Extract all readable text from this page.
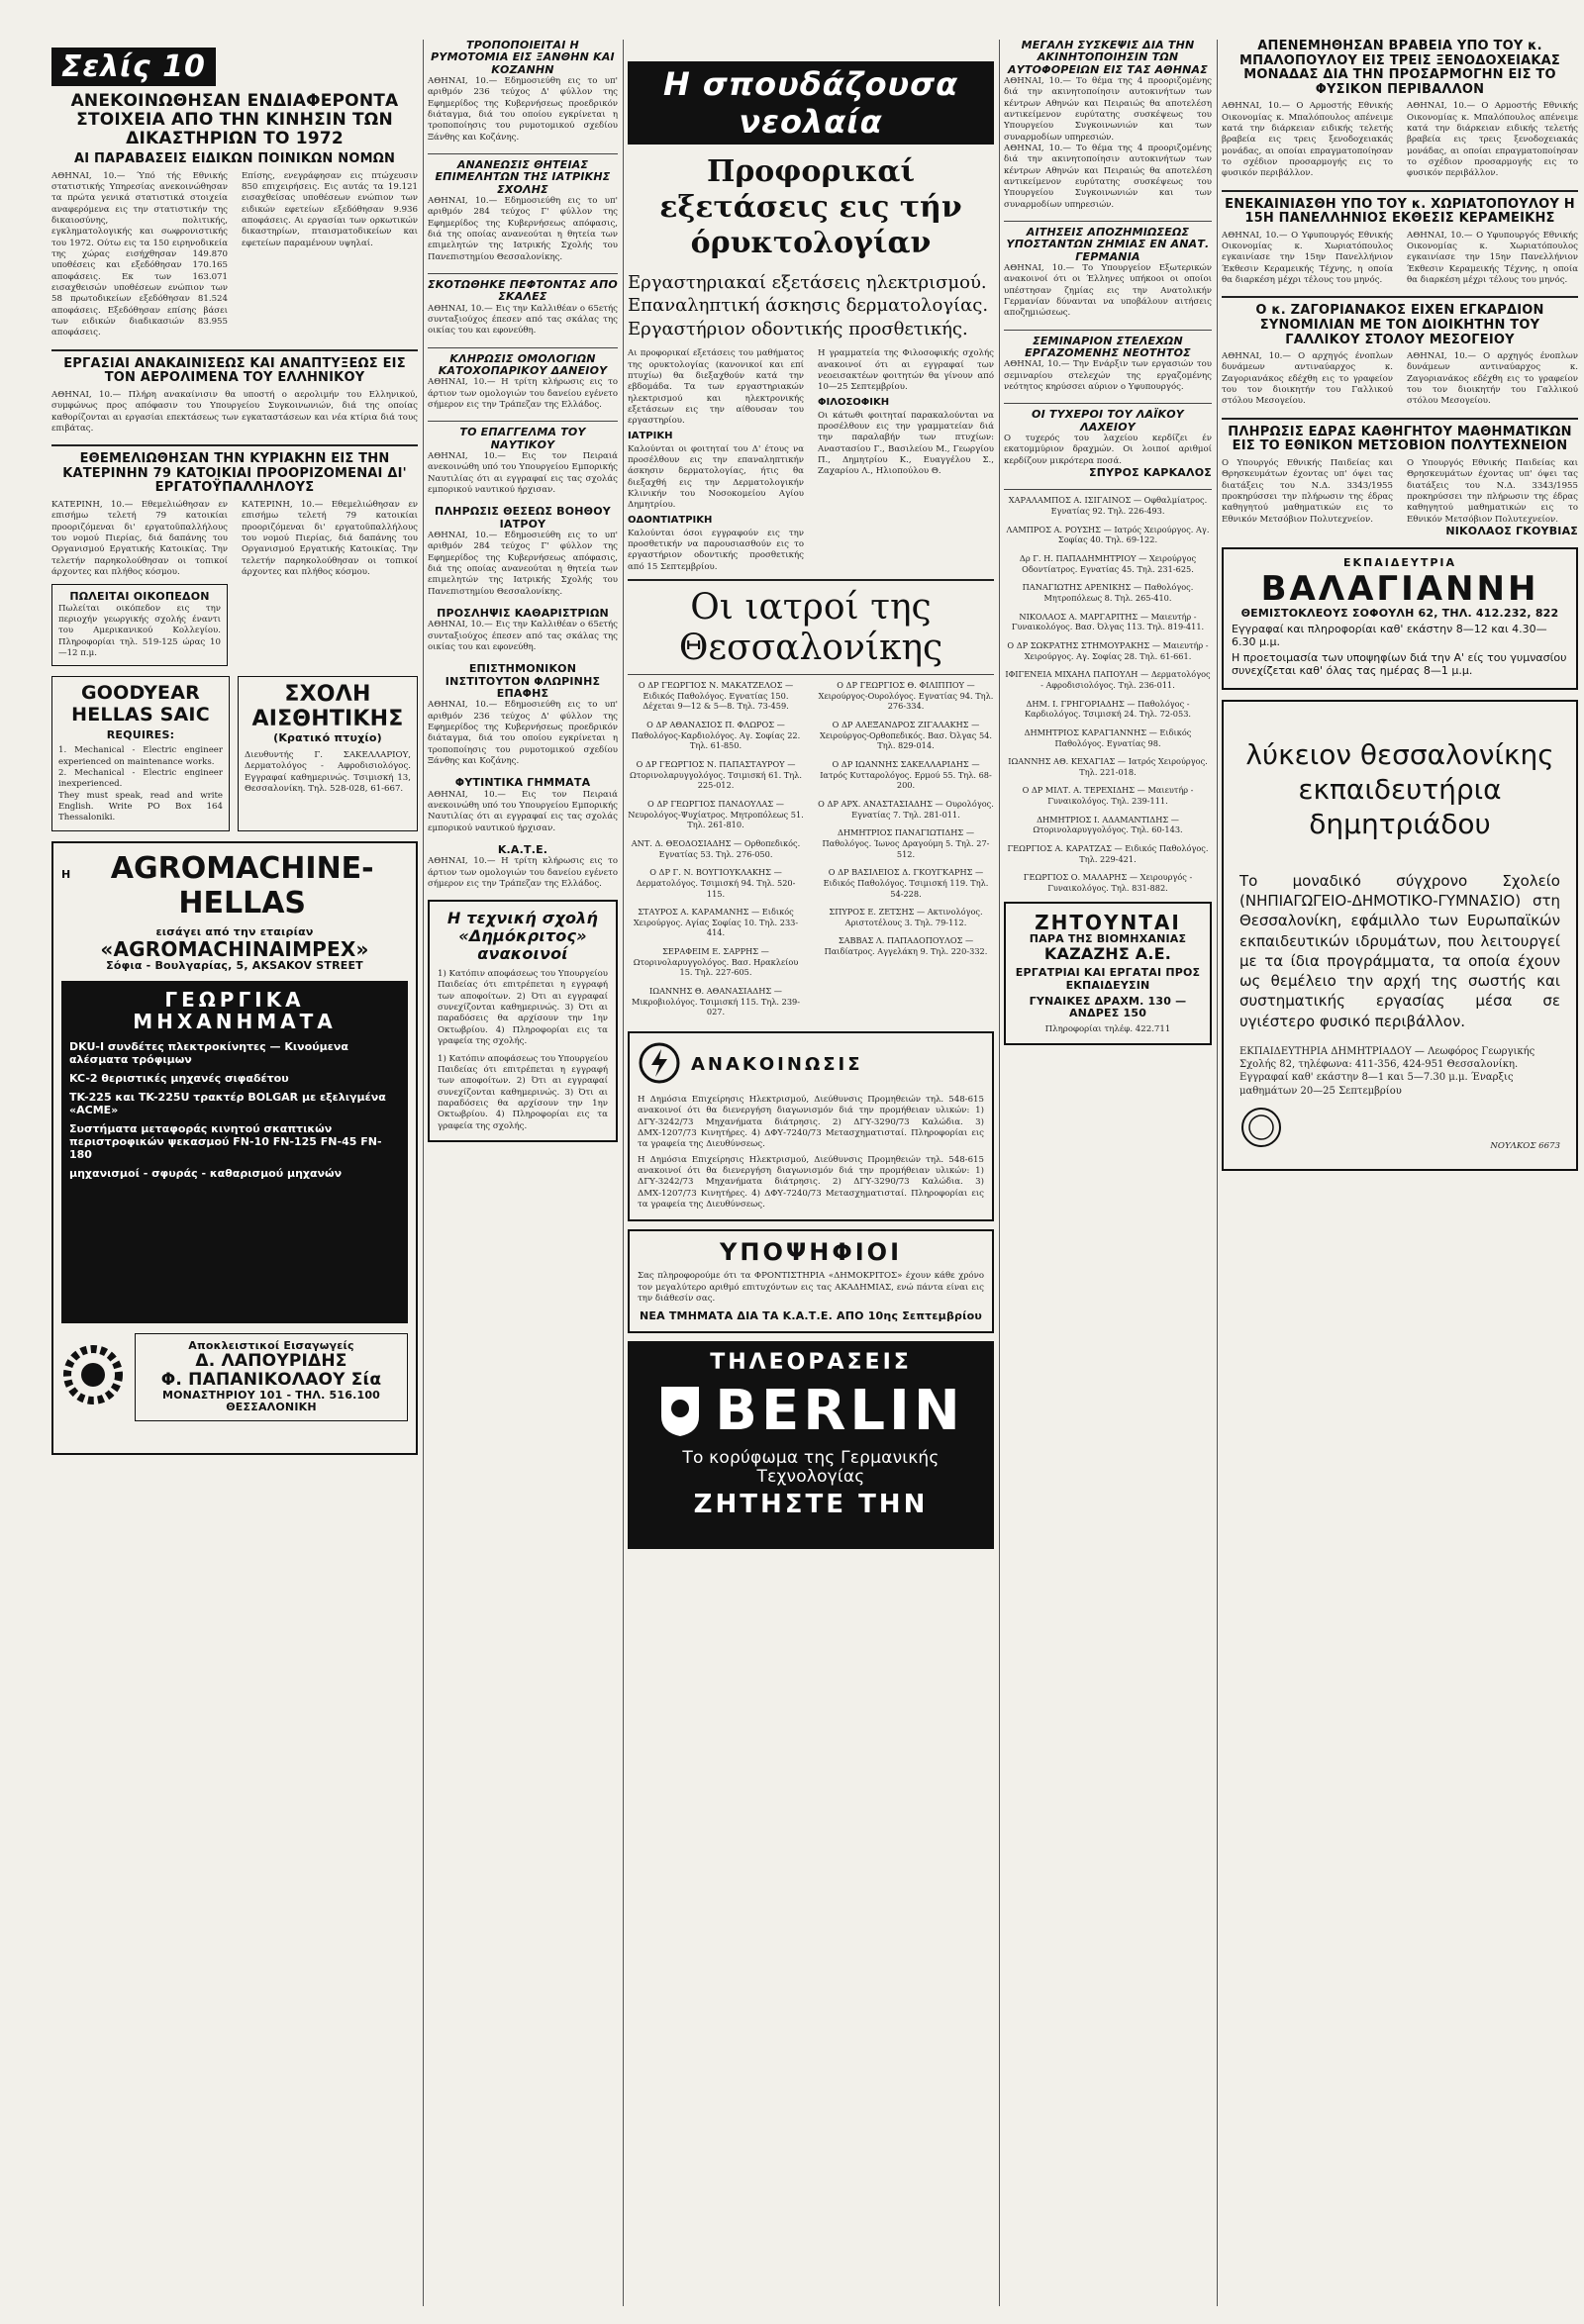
Σελίς 10
ΑΝΕΚΟΙΝΩΘΗΣΑΝ ΕΝΔΙΑΦΕΡΟΝΤΑ ΣΤΟΙΧΕΙΑ ΑΠΟ ΤΗΝ ΚΙΝΗΣΙΝ ΤΩΝ ΔΙΚΑΣΤΗΡΙΩΝ ΤΟ 1972
ΑΙ ΠΑΡΑΒΑΣΕΙΣ ΕΙΔΙΚΩΝ ΠΟΙΝΙΚΩΝ ΝΟΜΩΝ
ΑΘΗΝΑΙ, 10.— Ύπό τής Εθνικής στατιστικής Υπηρεσίας ανεκοινώθησαν τα πρώτα γενικά στατιστικά στοιχεία αναφερόμενα εις την στατιστικήν της δικαιοσύνης, πολιτικής, εγκληματολογικής και σωφρονιστικής του 1972. Ούτω εις τα 150 ειρηνοδικεία της χώρας εισήχθησαν 149.870 υποθέσεις και εξεδόθησαν 170.165 αποφάσεις. Εκ των 163.071 εισαχθεισών υποθέσεων ενώπιον των 58 πρωτοδικείων εξεδόθησαν 81.524 αποφάσεις. Εξεδόθησαν επίσης βάσει των ειδικών διαδικασιών 83.955 αποφάσεις.
Επίσης, ενεγράφησαν εις πτώχευσιν 850 επιχειρήσεις. Εις αυτάς τα 19.121 εισαχθείσας υποθέσεων ενώπιον των ειδικών εφετείων εξεδόθησαν 9.936 αποφάσεις. Αι εργασίαι των ορκωτικών δικαστηρίων, πταισματοδικείων και εφετείων παραμένουν υψηλαί.
ΕΡΓΑΣΙΑΙ ΑΝΑΚΑΙΝΙΣΕΩΣ ΚΑΙ ΑΝΑΠΤΥΞΕΩΣ ΕΙΣ ΤΟΝ ΑΕΡΟΛΙΜΕΝΑ ΤΟΥ ΕΛΛΗΝΙΚΟΥ
ΑΘΗΝΑΙ, 10.— Πλήρη ανακαίνισιν θα υποστή ο αερολιμήν του Ελληνικού, συμφώνως προς απόφασιν του Υπουργείου Συγκοινωνιών, διά της οποίας καθορίζονται αι εργασίαι επεκτάσεως των εγκαταστάσεων και νέα κτίρια διά τους επιβάτας.
ΕΘΕΜΕΛΙΩΘΗΣΑΝ ΤΗΝ ΚΥΡΙΑΚΗΝ ΕΙΣ ΤΗΝ ΚΑΤΕΡΙΝΗΝ 79 ΚΑΤΟΙΚΙΑΙ ΠΡΟΟΡΙΖΟΜΕΝΑΙ ΔΙ' ΕΡΓΑΤΟΫΠΑΛΛΗΛΟΥΣ
ΚΑΤΕΡΙΝΗ, 10.— Εθεμελιώθησαν εν επισήμω τελετή 79 κατοικίαι προοριζόμεναι δι' εργατοϋπαλλήλους του νομού Πιερίας, διά δαπάνης του Οργανισμού Εργατικής Κατοικίας. Την τελετήν παρηκολούθησαν οι τοπικοί άρχοντες και πλήθος κόσμου.
ΠΩΛΕΙΤΑΙ ΟΙΚΟΠΕΔΟΝ
Πωλείται οικόπεδον εις την περιοχήν γεωργικής σχολής έναντι του Αμερικανικού Κολλεγίου. Πληροφορίαι τηλ. 519-125 ώρας 10—12 π.μ.
ΚΑΤΕΡΙΝΗ, 10.— Εθεμελιώθησαν εν επισήμω τελετή 79 κατοικίαι προοριζόμεναι δι' εργατοϋπαλλήλους του νομού Πιερίας, διά δαπάνης του Οργανισμού Εργατικής Κατοικίας. Την τελετήν παρηκολούθησαν οι τοπικοί άρχοντες και πλήθος κόσμου.
GOODYEAR HELLAS SAIC
REQUIRES:
1. Mechanical - Electric engineer experienced on maintenance works.
2. Mechanical - Electric engineer inexperienced.
They must speak, read and write English. Write PO Box 164 Thessaloniki.
ΣΧΟΛΗ ΑΙΣΘΗΤΙΚΗΣ
(Κρατικό πτυχίο)
Διευθυντής Γ. ΣΑΚΕΛΛΑΡΙΟΥ, Δερματολόγος - Αφροδισιολόγος. Εγγραφαί καθημερινώς. Τσιμισκή 13, Θεσσαλονίκη. Τηλ. 528-028, 61-667.
Η	AGROMACHINE-HELLAS
εισάγει από την εταιρίαν
«AGROMACHINAIMPEX»
Σόφια - Βουλγαρίας, 5, AKSAKOV STREET
ΓΕΩΡΓΙΚΑ ΜΗΧΑΝΗΜΑΤΑ
DKU-I συνδέτες πλεκτροκίνητες — Κινούμενα αλέσματα τρόφιμων
KC-2 θεριστικές μηχανές σιφαδέτου
TK-225 και TK-225U τρακτέρ BOLGAR με εξελιγμένα «ACME»
Συστήματα μεταφοράς κινητού σκαπτικών περιστροφικών ψεκασμού FN-10 FN-125 FN-45 FN-180
μηχανισμοί - σφυράς - καθαρισμού μηχανών
Αποκλειστικοί Εισαγωγείς
Δ. ΛΑΠΟΥΡΙΔΗΣ
Φ. ΠΑΠΑΝΙΚΟΛΑΟΥ Σία
ΜΟΝΑΣΤΗΡΙΟΥ 101 - ΤΗΛ. 516.100 ΘΕΣΣΑΛΟΝΙΚΗ
ΤΡΟΠΟΠΟΙΕΙΤΑΙ Η ΡΥΜΟΤΟΜΙΑ ΕΙΣ ΞΑΝΘΗΝ ΚΑΙ ΚΟΖΑΝΗΝ
ΑΘΗΝΑΙ, 10.— Εδημοσιεύθη εις το υπ' αριθμόν 236 τεύχος Δ' φύλλον της Εφημερίδος της Κυβερνήσεως προεδρικόν διάταγμα, διά του οποίου εγκρίνεται η τροποποίησις του ρυμοτομικού σχεδίου Ξάνθης και Κοζάνης.
ΑΝΑΝΕΩΣΙΣ ΘΗΤΕΙΑΣ ΕΠΙΜΕΛΗΤΩΝ ΤΗΣ ΙΑΤΡΙΚΗΣ ΣΧΟΛΗΣ
ΑΘΗΝΑΙ, 10.— Εδημοσιεύθη εις το υπ' αριθμόν 284 τεύχος Γ' φύλλον της Εφημερίδος της Κυβερνήσεως απόφασις, διά της οποίας ανανεούται η θητεία των επιμελητών της Ιατρικής Σχολής του Πανεπιστημίου Θεσσαλονίκης.
ΣΚΟΤΩΘΗΚΕ ΠΕΦΤΟΝΤΑΣ ΑΠΟ ΣΚΑΛΕΣ
ΑΘΗΝΑΙ, 10.— Εις την Καλλιθέαν ο 65ετής συνταξιούχος έπεσεν από τας σκάλας της οικίας του και εφονεύθη.
ΚΛΗΡΩΣΙΣ ΟΜΟΛΟΓΙΩΝ ΚΑΤΟΧΟΠΑΡΙΚΟΥ ΔΑΝΕΙΟΥ
ΑΘΗΝΑΙ, 10.— Η τρίτη κλήρωσις εις το άρτιον των ομολογιών του δανείου εγένετο σήμερον εις την Τράπεζαν της Ελλάδος.
ΤΟ ΕΠΑΓΓΕΛΜΑ ΤΟΥ ΝΑΥΤΙΚΟΥ
ΑΘΗΝΑΙ, 10.— Εις τον Πειραιά ανεκοινώθη υπό του Υπουργείου Εμπορικής Ναυτιλίας ότι αι εγγραφαί εις τας σχολάς εμπορικού ναυτικού ήρχισαν.
ΠΛΗΡΩΣΙΣ ΘΕΣΕΩΣ ΒΟΗΘΟΥ ΙΑΤΡΟΥ
ΑΘΗΝΑΙ, 10.— Εδημοσιεύθη εις το υπ' αριθμόν 284 τεύχος Γ' φύλλον της Εφημερίδος της Κυβερνήσεως απόφασις, διά της οποίας ανανεούται η θητεία των επιμελητών της Ιατρικής Σχολής του Πανεπιστημίου Θεσσαλονίκης.
ΠΡΟΣΛΗΨΙΣ ΚΑΘΑΡΙΣΤΡΙΩΝ
ΑΘΗΝΑΙ, 10.— Εις την Καλλιθέαν ο 65ετής συνταξιούχος έπεσεν από τας σκάλας της οικίας του και εφονεύθη.
ΕΠΙΣΤΗΜΟΝΙΚΟΝ ΙΝΣΤΙΤΟΥΤΟΝ ΦΛΩΡΙΝΗΣ ΕΠΑΦΗΣ
ΑΘΗΝΑΙ, 10.— Εδημοσιεύθη εις το υπ' αριθμόν 236 τεύχος Δ' φύλλον της Εφημερίδος της Κυβερνήσεως προεδρικόν διάταγμα, διά του οποίου εγκρίνεται η τροποποίησις του ρυμοτομικού σχεδίου Ξάνθης και Κοζάνης.
ΦΥΤΙΝΤΙΚΑ ΓΗΜΜΑΤΑ
ΑΘΗΝΑΙ, 10.— Εις τον Πειραιά ανεκοινώθη υπό του Υπουργείου Εμπορικής Ναυτιλίας ότι αι εγγραφαί εις τας σχολάς εμπορικού ναυτικού ήρχισαν.
Κ.Α.Τ.Ε.
ΑΘΗΝΑΙ, 10.— Η τρίτη κλήρωσις εις το άρτιον των ομολογιών του δανείου εγένετο σήμερον εις την Τράπεζαν της Ελλάδος.
Η τεχνική σχολή «Δημόκριτος» ανακοινοί
1) Κατόπιν αποφάσεως του Υπουργείου Παιδείας ότι επιτρέπεται η εγγραφή των αποφοίτων. 2) Ότι αι εγγραφαί συνεχίζονται καθημερινώς. 3) Ότι αι παραδόσεις θα αρχίσουν την 1ην Οκτωβρίου. 4) Πληροφορίαι εις τα γραφεία της σχολής.
1) Κατόπιν αποφάσεως του Υπουργείου Παιδείας ότι επιτρέπεται η εγγραφή των αποφοίτων. 2) Ότι αι εγγραφαί συνεχίζονται καθημερινώς. 3) Ότι αι παραδόσεις θα αρχίσουν την 1ην Οκτωβρίου. 4) Πληροφορίαι εις τα γραφεία της σχολής.
Η σπουδάζουσα νεολαία
Προφορικαί εξετάσεις εις τήν όρυκτολογίαν
Εργαστηριακαί εξετάσεις ηλεκτρισμού.
Επαναληπτική άσκησις δερματολογίας.
Εργαστήριον οδοντικής προσθετικής.
Αι προφορικαί εξετάσεις του μαθήματος της ορυκτολογίας (κανονικοί και επί πτυχίω) θα διεξαχθούν κατά την εβδομάδα. Τα των εργαστηριακών ηλεκτρισμού και ηλεκτρονικής εξετάσεων εις την αίθουσαν του εργαστηρίου.
ΙΑΤΡΙΚΗ
Καλούνται οι φοιτηταί του Δ' έτους να προσέλθουν εις την επαναληπτικήν άσκησιν δερματολογίας, ήτις θα διεξαχθή εις την Δερματολογικήν Κλινικήν του Νοσοκομείου Αγίου Δημητρίου.
ΟΔΟΝΤΙΑΤΡΙΚΗ
Καλούνται όσοι εγγραφούν εις την προσθετικήν να παρουσιασθούν εις το εργαστήριον οδοντικής προσθετικής από 15 Σεπτεμβρίου.
Η γραμματεία της Φιλοσοφικής σχολής ανακοινοί ότι αι εγγραφαί των νεοεισακτέων φοιτητών θα γίνουν από 10—25 Σεπτεμβρίου.
ΦΙΛΟΣΟΦΙΚΗ
Οι κάτωθι φοιτηταί παρακαλούνται να προσέλθουν εις την γραμματείαν διά την παραλαβήν των πτυχίων: Αναστασίου Γ., Βασιλείου Μ., Γεωργίου Π., Δημητρίου Κ., Ευαγγέλου Σ., Ζαχαρίου Λ., Ηλιοπούλου Θ.
Οι ιατροί της Θεσσαλονίκης
Ο ΔΡ ΓΕΩΡΓΙΟΣ Ν. ΜΑΚΑΤΖΕΛΟΣ — Ειδικός Παθολόγος. Εγνατίας 150. Δέχεται 9—12 & 5—8. Τηλ. 73-459.
Ο ΔΡ ΑΘΑΝΑΣΙΟΣ Π. ΦΛΩΡΟΣ — Παθολόγος-Καρδιολόγος. Αγ. Σοφίας 22. Τηλ. 61-850.
Ο ΔΡ ΓΕΩΡΓΙΟΣ Ν. ΠΑΠΑΣΤΑΥΡΟΥ — Ωτορινολαρυγγολόγος. Τσιμισκή 61. Τηλ. 225-012.
Ο ΔΡ ΓΕΩΡΓΙΟΣ ΠΑΝΔΟΥΛΑΣ — Νευρολόγος-Ψυχίατρος. Μητροπόλεως 51. Τηλ. 261-810.
ΑΝΤ. Δ. ΘΕΟΔΟΣΙΑΔΗΣ — Ορθοπεδικός. Εγνατίας 53. Τηλ. 276-050.
Ο ΔΡ Γ. Ν. ΒΟΥΓΙΟΥΚΛΑΚΗΣ — Δερματολόγος. Τσιμισκή 94. Τηλ. 520-115.
ΣΤΑΥΡΟΣ Α. ΚΑΡΑΜΑΝΗΣ — Ειδικός Χειρούργος. Αγίας Σοφίας 10. Τηλ. 233-414.
ΣΕΡΑΦΕΙΜ Ε. ΣΑΡΡΗΣ — Ωτορινολαρυγγολόγος. Βασ. Ηρακλείου 15. Τηλ. 227-605.
ΙΩΑΝΝΗΣ Θ. ΑΘΑΝΑΣΙΑΔΗΣ — Μικροβιολόγος. Τσιμισκή 115. Τηλ. 239-027.
Ο ΔΡ ΓΕΩΡΓΙΟΣ Θ. ΦΙΛΙΠΠΟΥ — Χειρούργος-Ουρολόγος. Εγνατίας 94. Τηλ. 276-334.
Ο ΔΡ ΑΛΕΞΑΝΔΡΟΣ ΖΙΓΑΛΑΚΗΣ — Χειρούργος-Ορθοπεδικός. Βασ. Όλγας 54. Τηλ. 829-014.
Ο ΔΡ ΙΩΑΝΝΗΣ ΣΑΚΕΛΛΑΡΙΔΗΣ — Ιατρός Κυτταρολόγος. Ερμού 55. Τηλ. 68-200.
Ο ΔΡ ΑΡΧ. ΑΝΑΣΤΑΣΙΑΔΗΣ — Ουρολόγος. Εγνατίας 7. Τηλ. 281-011.
ΔΗΜΗΤΡΙΟΣ ΠΑΝΑΓΙΩΤΙΔΗΣ — Παθολόγος. Ίωνος Δραγούμη 5. Τηλ. 27-512.
Ο ΔΡ ΒΑΣΙΛΕΙΟΣ Δ. ΓΚΟΥΓΚΑΡΗΣ — Ειδικός Παθολόγος. Τσιμισκή 119. Τηλ. 54-228.
ΣΠΥΡΟΣ Ε. ΖΕΤΣΗΣ — Ακτινολόγος. Αριστοτέλους 3. Τηλ. 79-112.
ΣΑΒΒΑΣ Λ. ΠΑΠΑΔΟΠΟΥΛΟΣ — Παιδίατρος. Αγγελάκη 9. Τηλ. 220-332.
ΑΝΑΚΟΙΝΩΣΙΣ
Η Δημόσια Επιχείρησις Ηλεκτρισμού, Διεύθυνσις Προμηθειών τηλ. 548-615 ανακοινοί ότι θα διενεργήση διαγωνισμόν διά την προμήθειαν υλικών: 1) ΔΓΥ-3242/73 Μηχανήματα διάτρησις. 2) ΔΓΥ-3290/73 Καλώδια. 3) ΔΜΧ-1207/73 Κινητήρες. 4) ΔΦΥ-7240/73 Μετασχηματισταί. Πληροφορίαι εις τα γραφεία της Διευθύνσεως.
Η Δημόσια Επιχείρησις Ηλεκτρισμού, Διεύθυνσις Προμηθειών τηλ. 548-615 ανακοινοί ότι θα διενεργήση διαγωνισμόν διά την προμήθειαν υλικών: 1) ΔΓΥ-3242/73 Μηχανήματα διάτρησις. 2) ΔΓΥ-3290/73 Καλώδια. 3) ΔΜΧ-1207/73 Κινητήρες. 4) ΔΦΥ-7240/73 Μετασχηματισταί. Πληροφορίαι εις τα γραφεία της Διευθύνσεως.
ΥΠΟΨΗΦΙΟΙ
Σας πληροφορούμε ότι τα ΦΡΟΝΤΙΣΤΗΡΙΑ «ΔΗΜΟΚΡΙΤΟΣ» έχουν κάθε χρόνο τον μεγαλύτερο αριθμό επιτυχόντων εις τας ΑΚΑΔΗΜΙΑΣ, ενώ πάντα είναι εις την διάθεσίν σας.
ΝΕΑ ΤΜΗΜΑΤΑ ΔΙΑ ΤΑ Κ.Α.Τ.Ε. ΑΠΟ 10ης Σεπτεμβρίου
ΤΗΛΕΟΡΑΣΕΙΣ
BERLIN
Το κορύφωμα της Γερμανικής Τεχνολογίας
ΖΗΤΗΣΤΕ ΤΗΝ
ΜΕΓΑΛΗ ΣΥΣΚΕΨΙΣ ΔΙΑ ΤΗΝ ΑΚΙΝΗΤΟΠΟΙΗΣΙΝ ΤΩΝ ΑΥΤΟΦΟΡΕΙΩΝ ΕΙΣ ΤΑΣ ΑΘΗΝΑΣ
ΑΘΗΝΑΙ, 10.— Το θέμα της 4 προοριζομένης διά την ακινητοποίησιν αυτοκινήτων των κέντρων Αθηνών και Πειραιώς θα αποτελέση αντικείμενον ευρύτατης συσκέψεως του Υπουργείου Συγκοινωνιών και των συναρμοδίων υπηρεσιών.
ΑΘΗΝΑΙ, 10.— Το θέμα της 4 προοριζομένης διά την ακινητοποίησιν αυτοκινήτων των κέντρων Αθηνών και Πειραιώς θα αποτελέση αντικείμενον ευρύτατης συσκέψεως του Υπουργείου Συγκοινωνιών και των συναρμοδίων υπηρεσιών.
ΑΙΤΗΣΕΙΣ ΑΠΟΖΗΜΙΩΣΕΩΣ ΥΠΟΣΤΑΝΤΩΝ ΖΗΜΙΑΣ ΕΝ ΑΝΑΤ. ΓΕΡΜΑΝΙΑ
ΑΘΗΝΑΙ, 10.— Το Υπουργείον Εξωτερικών ανακοινοί ότι οι Έλληνες υπήκοοι οι οποίοι υπέστησαν ζημίας εις την Ανατολικήν Γερμανίαν δύνανται να υποβάλουν αιτήσεις αποζημιώσεως.
ΣΕΜΙΝΑΡΙΟΝ ΣΤΕΛΕΧΩΝ ΕΡΓΑΖΟΜΕΝΗΣ ΝΕΟΤΗΤΟΣ
ΑΘΗΝΑΙ, 10.— Την Ενάρξιν των εργασιών του σεμιναρίου στελεχών της εργαζομένης νεότητος κηρύσσει αύριον ο Υφυπουργός.
ΟΙ ΤΥΧΕΡΟΙ ΤΟΥ ΛΑΪΚΟΥ ΛΑΧΕΙΟΥ
Ο τυχερός του λαχείου κερδίζει έν εκατομμύριον δραχμών. Οι λοιποί αριθμοί κερδίζουν μικρότερα ποσά.
ΣΠΥΡΟΣ ΚΑΡΚΑΛΟΣ
ΧΑΡΑΛΑΜΠΟΣ Α. ΙΣΙΓΑΙΝΟΣ — Οφθαλμίατρος. Εγνατίας 92. Τηλ. 226-493.
ΛΑΜΠΡΟΣ Α. ΡΟΥΣΗΣ — Ιατρός Χειρούργος. Αγ. Σοφίας 40. Τηλ. 69-122.
Δρ Γ. Η. ΠΑΠΑΔΗΜΗΤΡΙΟΥ — Χειρούργος Οδοντίατρος. Εγνατίας 45. Τηλ. 231-625.
ΠΑΝΑΓΙΩΤΗΣ ΑΡΕΝΙΚΗΣ — Παθολόγος. Μητροπόλεως 8. Τηλ. 265-410.
ΝΙΚΟΛΑΟΣ Α. ΜΑΡΓΑΡΙΤΗΣ — Μαιευτήρ - Γυναικολόγος. Βασ. Όλγας 113. Τηλ. 819-411.
Ο ΔΡ ΣΩΚΡΑΤΗΣ ΣΤΗΜΟΥΡΑΚΗΣ — Μαιευτήρ - Χειρούργος. Αγ. Σοφίας 28. Τηλ. 61-661.
ΙΦΙΓΕΝΕΙΑ ΜΙΧΑΗΛ ΠΑΠΟΥΛΗ — Δερματολόγος - Αφροδισιολόγος. Τηλ. 236-011.
ΔΗΜ. Ι. ΓΡΗΓΟΡΙΑΔΗΣ — Παθολόγος - Καρδιολόγος. Τσιμισκή 24. Τηλ. 72-053.
ΔΗΜΗΤΡΙΟΣ ΚΑΡΑΓΙΑΝΝΗΣ — Ειδικός Παθολόγος. Εγνατίας 98.
ΙΩΑΝΝΗΣ ΑΘ. ΚΕΧΑΓΙΑΣ — Ιατρός Χειρούργος. Τηλ. 221-018.
Ο ΔΡ ΜΙΛΤ. Α. ΤΕΡΕΧΙΔΗΣ — Μαιευτήρ - Γυναικολόγος. Τηλ. 239-111.
ΔΗΜΗΤΡΙΟΣ Ι. ΑΔΑΜΑΝΤΙΔΗΣ — Ωτορινολαρυγγολόγος. Τηλ. 60-143.
ΓΕΩΡΓΙΟΣ Α. ΚΑΡΑΤΖΑΣ — Ειδικός Παθολόγος. Τηλ. 229-421.
ΓΕΩΡΓΙΟΣ Ο. ΜΑΛΑΡΗΣ — Χειρουργός - Γυναικολόγος. Τηλ. 831-882.
ΖΗΤΟΥΝΤΑΙ
ΠΑΡΑ ΤΗΣ ΒΙΟΜΗΧΑΝΙΑΣ
ΚΑΖΑΖΗΣ Α.Ε.
ΕΡΓΑΤΡΙΑΙ ΚΑΙ ΕΡΓΑΤΑΙ ΠΡΟΣ ΕΚΠΑΙΔΕΥΣΙΝ
ΓΥΝΑΙΚΕΣ ΔΡΑΧΜ. 130 — ΑΝΔΡΕΣ 150
Πληροφορίαι τηλέφ. 422.711
ΑΠΕΝΕΜΗΘΗΣΑΝ ΒΡΑΒΕΙΑ ΥΠΟ ΤΟΥ κ. ΜΠΑΛΟΠΟΥΛΟΥ ΕΙΣ ΤΡΕΙΣ ΞΕΝΟΔΟΧΕΙΑΚΑΣ ΜΟΝΑΔΑΣ ΔΙΑ ΤΗΝ ΠΡΟΣΑΡΜΟΓΗΝ ΕΙΣ ΤΟ ΦΥΣΙΚΟΝ ΠΕΡΙΒΑΛΛΟΝ
ΑΘΗΝΑΙ, 10.— Ο Αρμοστής Εθνικής Οικονομίας κ. Μπαλόπουλος απένειμε κατά την διάρκειαν ειδικής τελετής βραβεία εις τρεις ξενοδοχειακάς μονάδας, αι οποίαι επραγματοποίησαν το σχέδιον προσαρμογής εις το φυσικόν περιβάλλον.
ΑΘΗΝΑΙ, 10.— Ο Αρμοστής Εθνικής Οικονομίας κ. Μπαλόπουλος απένειμε κατά την διάρκειαν ειδικής τελετής βραβεία εις τρεις ξενοδοχειακάς μονάδας, αι οποίαι επραγματοποίησαν το σχέδιον προσαρμογής εις το φυσικόν περιβάλλον.
ΕΝΕΚΑΙΝΙΑΣΘΗ ΥΠΟ ΤΟΥ κ. ΧΩΡΙΑΤΟΠΟΥΛΟΥ Η 15Η ΠΑΝΕΛΛΗΝΙΟΣ ΕΚΘΕΣΙΣ ΚΕΡΑΜΕΙΚΗΣ
ΑΘΗΝΑΙ, 10.— Ο Υφυπουργός Εθνικής Οικονομίας κ. Χωριατόπουλος εγκαινίασε την 15ην Πανελλήνιον Έκθεσιν Κεραμεικής Τέχνης, η οποία θα διαρκέση μέχρι τέλους του μηνός.
ΑΘΗΝΑΙ, 10.— Ο Υφυπουργός Εθνικής Οικονομίας κ. Χωριατόπουλος εγκαινίασε την 15ην Πανελλήνιον Έκθεσιν Κεραμεικής Τέχνης, η οποία θα διαρκέση μέχρι τέλους του μηνός.
Ο κ. ΖΑΓΟΡΙΑΝΑΚΟΣ ΕΙΧΕΝ ΕΓΚΑΡΔΙΟΝ ΣΥΝΟΜΙΛΙΑΝ ΜΕ ΤΟΝ ΔΙΟΙΚΗΤΗΝ ΤΟΥ ΓΑΛΛΙΚΟΥ ΣΤΟΛΟΥ ΜΕΣΟΓΕΙΟΥ
ΑΘΗΝΑΙ, 10.— Ο αρχηγός ένοπλων δυνάμεων αντιναύαρχος κ. Ζαγοριανάκος εδέχθη εις το γραφείον του τον διοικητήν του Γαλλικού στόλου Μεσογείου.
ΑΘΗΝΑΙ, 10.— Ο αρχηγός ένοπλων δυνάμεων αντιναύαρχος κ. Ζαγοριανάκος εδέχθη εις το γραφείον του τον διοικητήν του Γαλλικού στόλου Μεσογείου.
ΠΛΗΡΩΣΙΣ ΕΔΡΑΣ ΚΑΘΗΓΗΤΟΥ ΜΑΘΗΜΑΤΙΚΩΝ ΕΙΣ ΤΟ ΕΘΝΙΚΟΝ ΜΕΤΣΟΒΙΟΝ ΠΟΛΥΤΕΧΝΕΙΟΝ
Ο Υπουργός Εθνικής Παιδείας και Θρησκευμάτων έχοντας υπ' όψει τας διατάξεις του Ν.Δ. 3343/1955 προκηρύσσει την πλήρωσιν της έδρας καθηγητού μαθηματικών εις το Εθνικόν Μετσόβιον Πολυτεχνείον.
Ο Υπουργός Εθνικής Παιδείας και Θρησκευμάτων έχοντας υπ' όψει τας διατάξεις του Ν.Δ. 3343/1955 προκηρύσσει την πλήρωσιν της έδρας καθηγητού μαθηματικών εις το Εθνικόν Μετσόβιον Πολυτεχνείον.
ΝΙΚΟΛΑΟΣ ΓΚΟΥΒΙΑΣ
ΕΚΠΑΙΔΕΥΤΡΙΑ
ΒΑΛΑΓΙΑΝΝΗ
ΘΕΜΙΣΤΟΚΛΕΟΥΣ ΣΟΦΟΥΛΗ 62, ΤΗΛ. 412.232, 822
Εγγραφαί και πληροφορίαι καθ' εκάστην 8—12 και 4.30—6.30 μ.μ.
Η προετοιμασία των υποψηφίων διά την Α' είς του γυμνασίου συνεχίζεται καθ' όλας τας ημέρας 8—1 μ.μ.
λύκειον θεσσαλονίκης εκπαιδευτήρια δημητριάδου
Το μοναδικό σύγχρονο Σχολείο (ΝΗΠΙΑΓΩΓΕΙΟ-ΔΗΜΟΤΙΚΟ-ΓΥΜΝΑΣΙΟ) στη Θεσσαλονίκη, εφάμιλλο των Ευρωπαϊκών εκπαιδευτικών ιδρυμάτων, που λειτουργεί με τα ίδια προγράμματα, τα οποία έχουν ως θεμέλειο την αρχή της σωστής και συστηματικής εργασίας μέσα σε υγιέστερο φυσικό περιβάλλον.
ΕΚΠΑΙΔΕΥΤΗΡΙΑ ΔΗΜΗΤΡΙΑΔΟΥ — Λεωφόρος Γεωργικής Σχολής 82, τηλέφωνα: 411-356, 424-951 Θεσσαλονίκη. Εγγραφαί καθ' εκάστην 8—1 και 5—7.30 μ.μ. Έναρξις μαθημάτων 20—25 Σεπτεμβρίου
ΝΟΥΛΚΟΣ 6673
